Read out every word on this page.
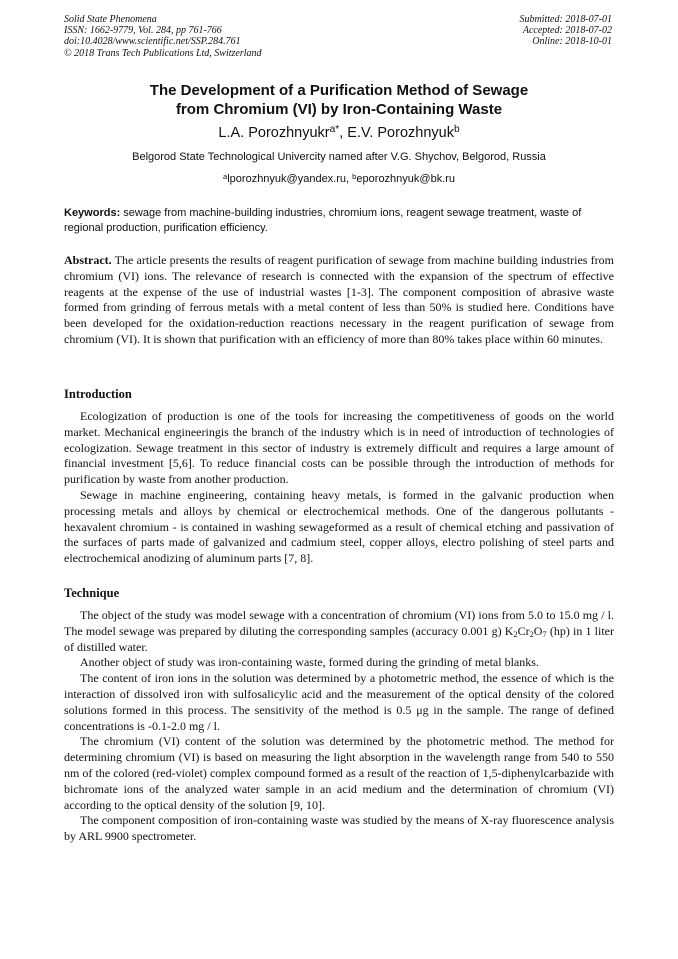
Solid State Phenomena
ISSN: 1662-9779, Vol. 284, pp 761-766
doi:10.4028/www.scientific.net/SSP.284.761
© 2018 Trans Tech Publications Ltd, Switzerland
Submitted: 2018-07-01
Accepted: 2018-07-02
Online: 2018-10-01
The Development of a Purification Method of Sewage
from Chromium (VI) by Iron-Containing Waste
L.A. Porozhnyukr$^{a*}$, E.V. Porozhnyuk$^b$
Belgorod State Technological Univercity named after V.G. Shychov, Belgorod, Russia
$^a$lporozhnyuk@yandex.ru, $^b$eporozhnyuk@bk.ru
Keywords: sewage from machine-building industries, chromium ions, reagent sewage treatment, waste of regional production, purification efficiency.

Abstract. The article presents the results of reagent purification of sewage from machine building industries from chromium (VI) ions. The relevance of research is connected with the expansion of the spectrum of effective reagents at the expense of the use of industrial wastes [1-3]. The component composition of abrasive waste formed from grinding of ferrous metals with a metal content of less than 50% is studied here. Conditions have been developed for the oxidation-reduction reactions necessary in the reagent purification of sewage from chromium (VI). It is shown that purification with an efficiency of more than 80% takes place within 60 minutes.

Introduction

Ecologization of production is one of the tools for increasing the competitiveness of goods on the world market. Mechanical engineeringis the branch of the industry which is in need of introduction of technologies of ecologization. Sewage treatment in this sector of industry is extremely difficult and requires a large amount of financial investment [5,6]. To reduce financial costs can be possible through the introduction of methods for purification by waste from another production.

Sewage in machine engineering, containing heavy metals, is formed in the galvanic production when processing metals and alloys by chemical or electrochemical methods. One of the dangerous pollutants - hexavalent chromium - is contained in washing sewageformed as a result of chemical etching and passivation of the surfaces of parts made of galvanized and cadmium steel, copper alloys, electro polishing of steel parts and electrochemical anodizing of aluminum parts [7, 8].

Technique

The object of the study was model sewage with a concentration of chromium (VI) ions from 5.0 to 15.0 mg / l. The model sewage was prepared by diluting the corresponding samples (accuracy 0.001 g) $K_2Cr_2O_7$ (hp) in 1 liter of distilled water.

Another object of study was iron-containing waste, formed during the grinding of metal blanks.

The content of iron ions in the solution was determined by a photometric method, the essence of which is the interaction of dissolved iron with sulfosalicylic acid and the measurement of the optical density of the colored solutions formed in this process. The sensitivity of the method is 0.5 μg in the sample. The range of defined concentrations is -0.1-2.0 mg / l.

The chromium (VI) content of the solution was determined by the photometric method. The method for determining chromium (VI) is based on measuring the light absorption in the wavelength range from 540 to 550 nm of the colored (red-violet) complex compound formed as a result of the reaction of 1,5-diphenylcarbazide with bichromate ions of the analyzed water sample in an acid medium and the determination of chromium (VI) according to the optical density of the solution [9, 10].

The component composition of iron-containing waste was studied by the means of X-ray fluorescence analysis by ARL 9900 spectrometer.
